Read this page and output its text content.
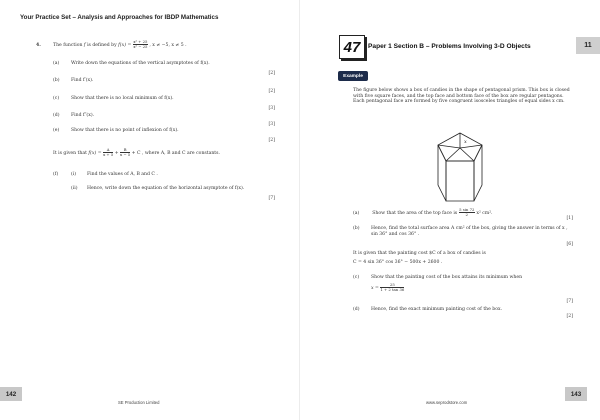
Your Practice Set – Analysis and Approaches for IBDP Mathematics
4.	The function f is defined by $f(x) = \frac{\text{x² + 25}}{\text{x² − 25}}$ , x ≠ −5, x ≠ 5 .
(a)	Write down the equations of the vertical asymptotes of f(x).
[2]
(b) Find f′(x).
[2]
(c)	Show that there is no local minimum of f(x).
[3]
(d) Find f″(x).
[3]
(e)	Show that there is no point of inflexion of f(x).
[2]
It is given that $f(x) = \frac{A}{x + 5} + \frac{B}{x - 5} + C$ , where A, B and C are constants.
(f)	(i) Find the values of A, B and C .
(ii) Hence, write down the equation of the horizontal asymptote of f(x).
[7]
142
SE Production Limited
47	Paper 1 Section B – Problems Involving 3-D Objects	11
Example
The figure below shows a box of candies in the shape of pentagonal prism. This box is closed with five square faces, and the top face and bottom face of the box are regular pentagons. Each pentagonal face are formed by five congruent isosceles triangles of equal sides x cm.
x
(a)	Show that the area of the top face is $\frac{5 \sin 72}{2} x^2$ cm².
[1]
(b) Hence, find the total surface area A cm² of the box, giving the answer in terms of x , sin 36° and cos 36° .
[6]
It is given that the painting cost $C of a box of candies is
C = 4 sin 36° cos 36° − 500x + 2600 .
(c)	Show that the painting cost of the box attains its minimum when
$x = \frac{25}{1 + 2 \tan 36}$
[7]
(d) Hence, find the exact minimum painting cost of the box.
[2]
143
www.seprodstore.com
